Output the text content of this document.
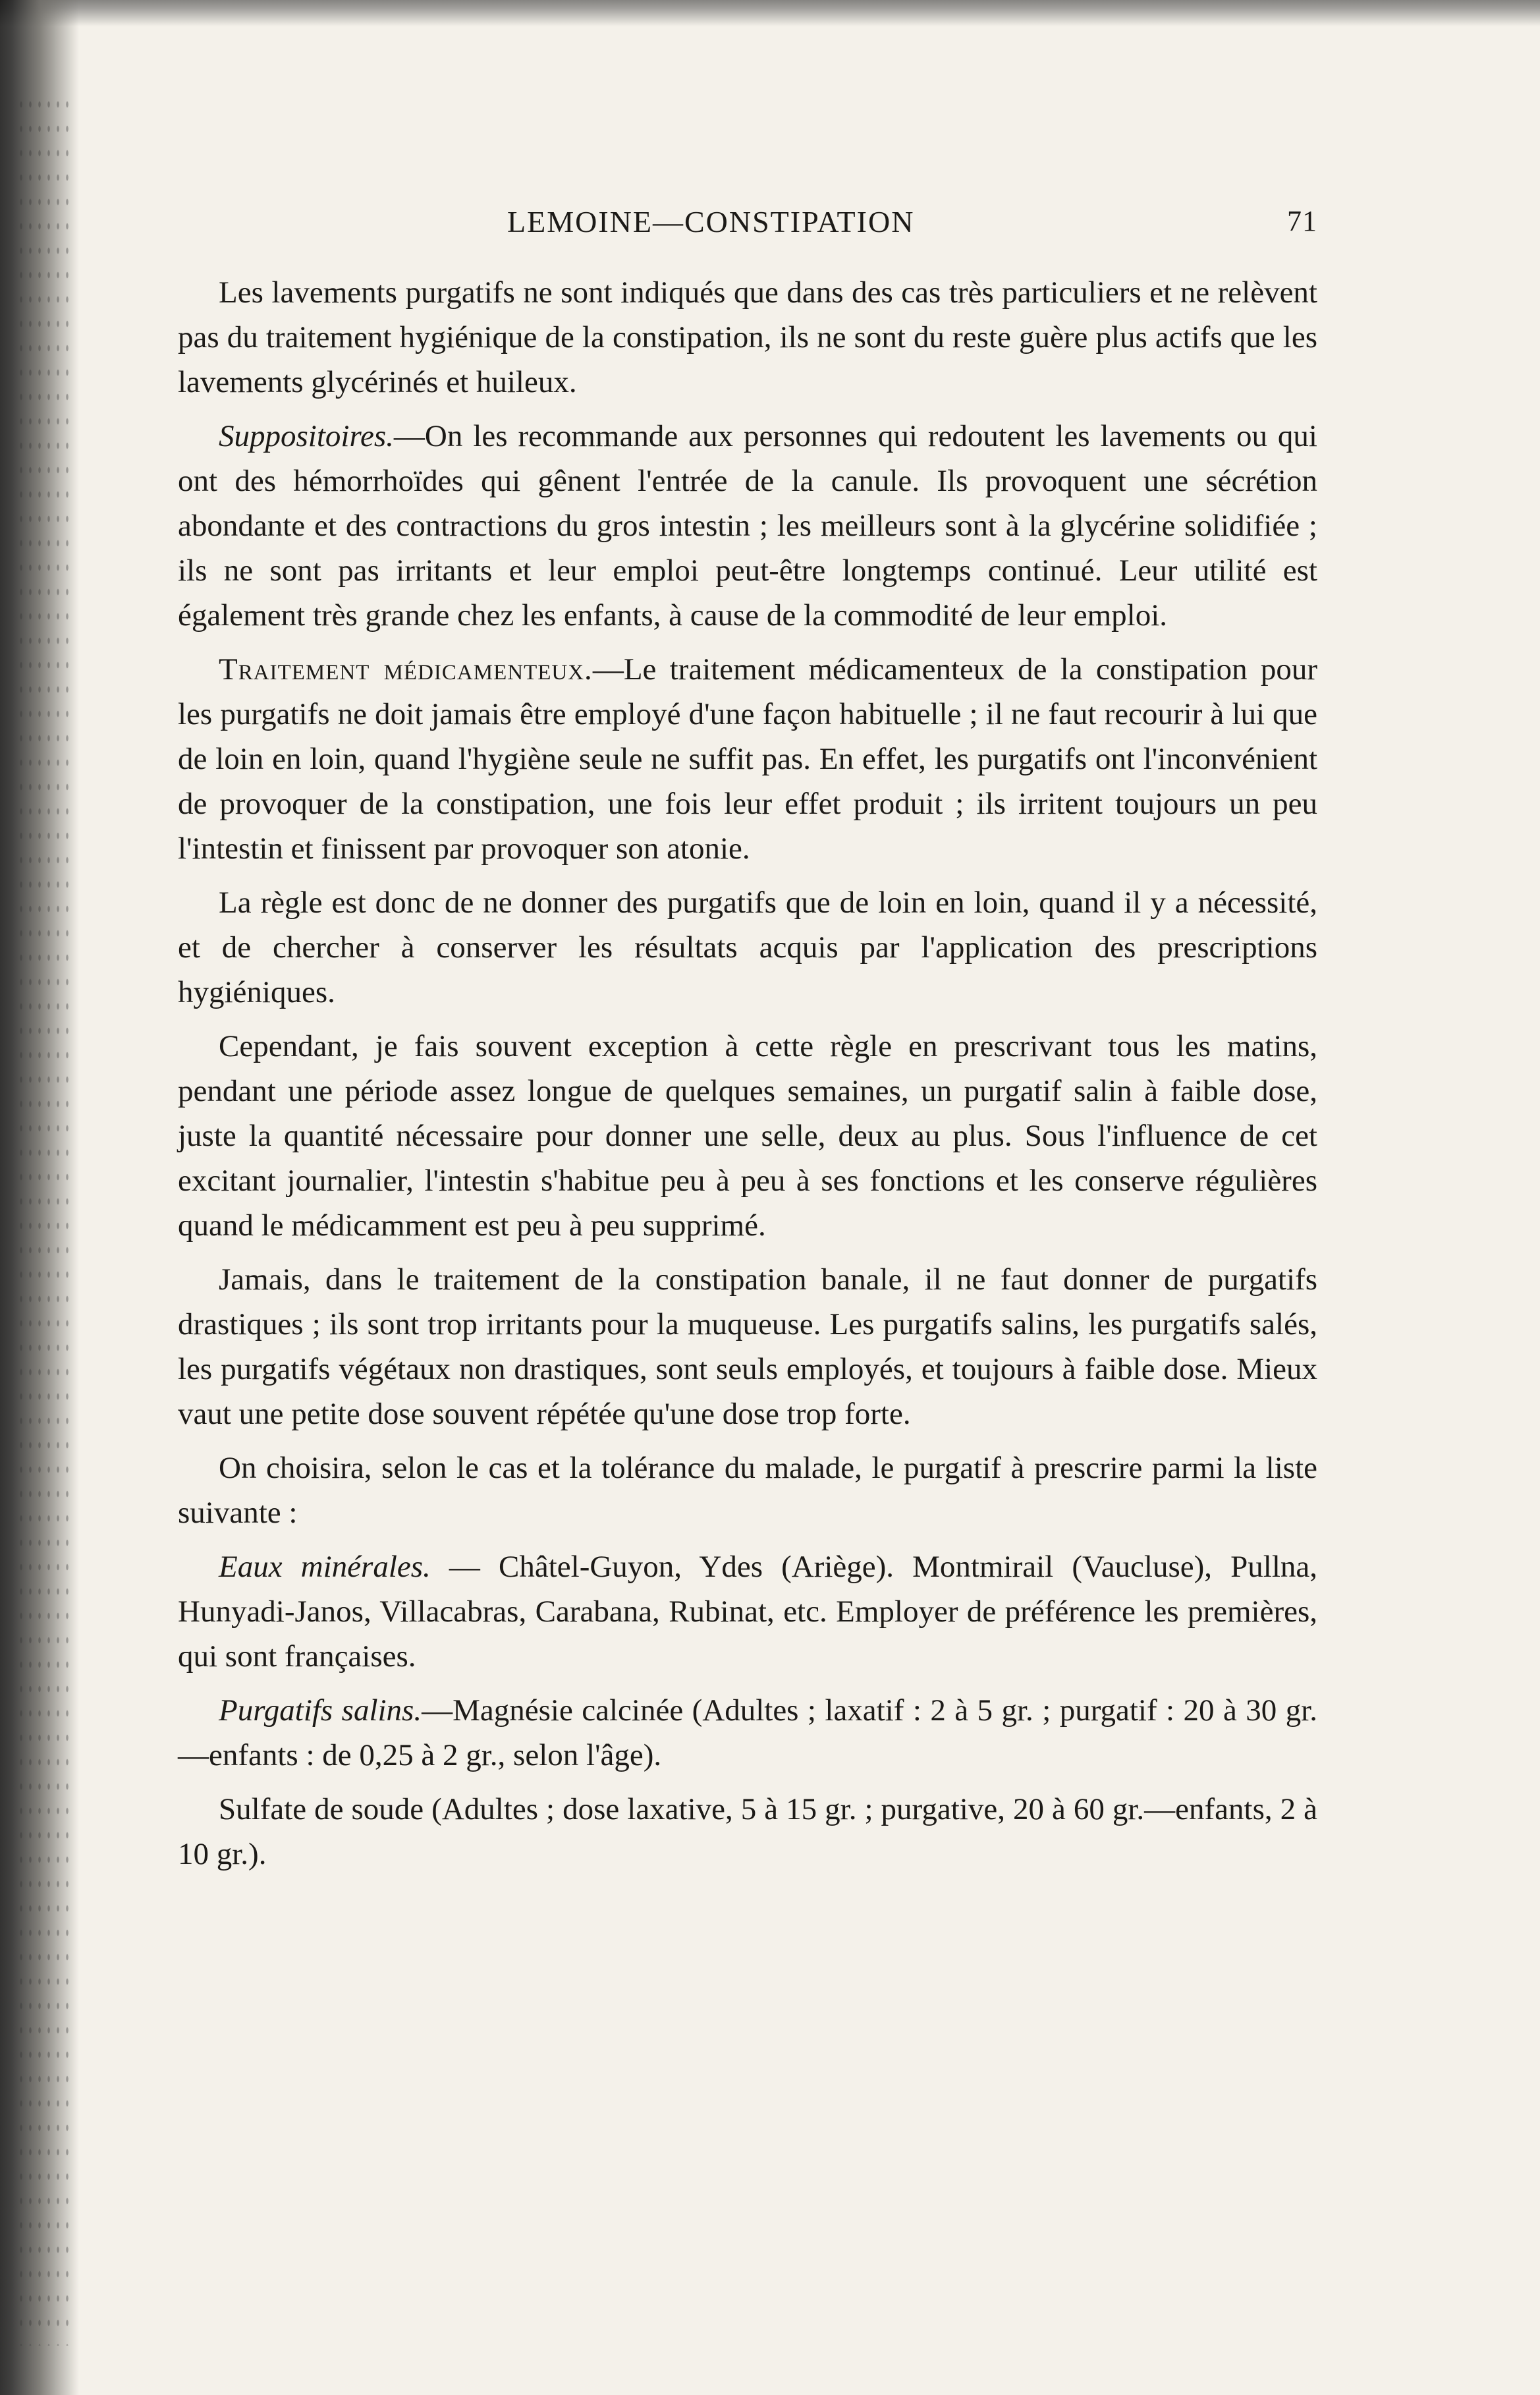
LEMOINE—CONSTIPATION	71

Les lavements purgatifs ne sont indiqués que dans des cas très particuliers et ne relèvent pas du traitement hygiénique de la constipation, ils ne sont du reste guère plus actifs que les lavements glycérinés et huileux.

Suppositoires.—On les recommande aux personnes qui redoutent les lavements ou qui ont des hémorrhoïdes qui gênent l'entrée de la canule. Ils provoquent une sécrétion abondante et des contractions du gros intestin ; les meilleurs sont à la glycérine solidifiée ; ils ne sont pas irritants et leur emploi peut-être longtemps continué. Leur utilité est également très grande chez les enfants, à cause de la commodité de leur emploi.

Traitement médicamenteux.—Le traitement médicamenteux de la constipation pour les purgatifs ne doit jamais être employé d'une façon habituelle ; il ne faut recourir à lui que de loin en loin, quand l'hygiène seule ne suffit pas. En effet, les purgatifs ont l'inconvénient de provoquer de la constipation, une fois leur effet produit ; ils irritent toujours un peu l'intestin et finissent par provoquer son atonie.

La règle est donc de ne donner des purgatifs que de loin en loin, quand il y a nécessité, et de chercher à conserver les résultats acquis par l'application des prescriptions hygiéniques.

Cependant, je fais souvent exception à cette règle en prescrivant tous les matins, pendant une période assez longue de quelques semaines, un purgatif salin à faible dose, juste la quantité nécessaire pour donner une selle, deux au plus. Sous l'influence de cet excitant journalier, l'intestin s'habitue peu à peu à ses fonctions et les conserve régulières quand le médicamment est peu à peu supprimé.

Jamais, dans le traitement de la constipation banale, il ne faut donner de purgatifs drastiques ; ils sont trop irritants pour la muqueuse. Les purgatifs salins, les purgatifs salés, les purgatifs végétaux non drastiques, sont seuls employés, et toujours à faible dose. Mieux vaut une petite dose souvent répétée qu'une dose trop forte.

On choisira, selon le cas et la tolérance du malade, le purgatif à prescrire parmi la liste suivante :

Eaux minérales. — Châtel-Guyon, Ydes (Ariège). Montmirail (Vaucluse), Pullna, Hunyadi-Janos, Villacabras, Carabana, Rubinat, etc. Employer de préférence les premières, qui sont françaises.

Purgatifs salins.—Magnésie calcinée (Adultes ; laxatif : 2 à 5 gr. ; purgatif : 20 à 30 gr.—enfants : de 0,25 à 2 gr., selon l'âge).

Sulfate de soude (Adultes ; dose laxative, 5 à 15 gr. ; purgative, 20 à 60 gr.—enfants, 2 à 10 gr.).
